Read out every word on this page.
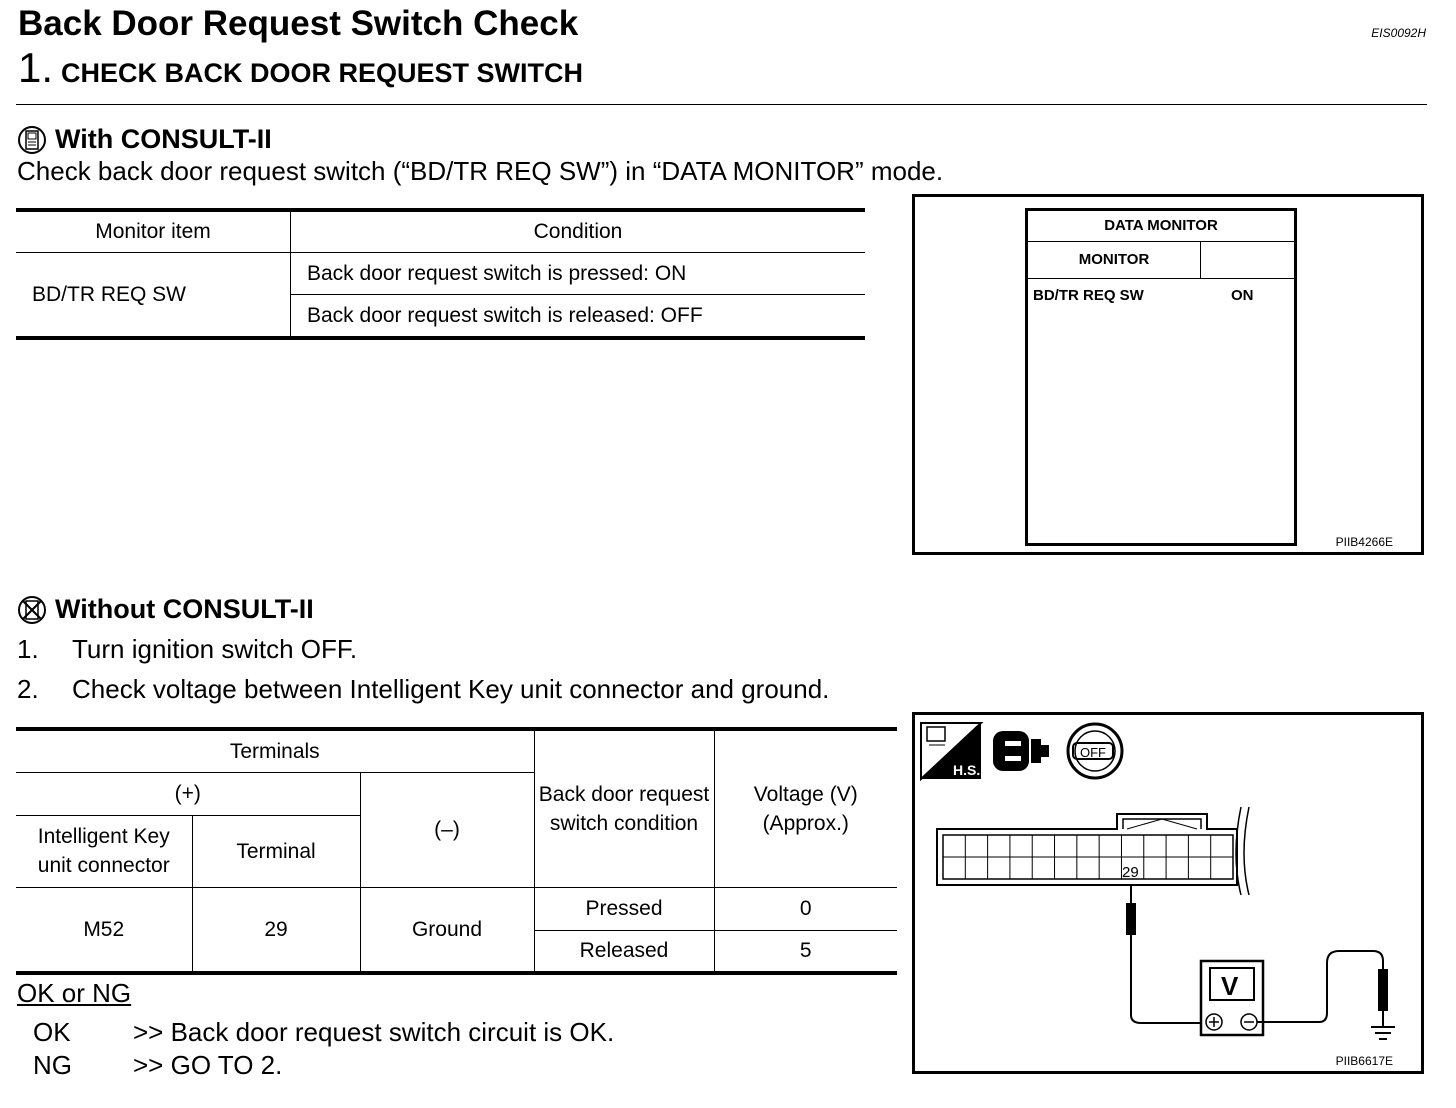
Back Door Request Switch Check	EIS0092H
1. CHECK BACK DOOR REQUEST SWITCH
With CONSULT-II
Check back door request switch (“BD/TR REQ SW”) in “DATA MONITOR” mode.
Monitor item	Condition
BD/TR REQ SW	Back door request switch is pressed: ON
	Back door request switch is released: OFF
DATA MONITOR
MONITOR
BD/TR REQ SW	ON
PIIB4266E
Without CONSULT-II
1. Turn ignition switch OFF.
2. Check voltage between Intelligent Key unit connector and ground.
Terminals			Back door request switch condition	Voltage (V) (Approx.)
(+)		(–)		
Intelligent Key unit connector	Terminal			
M52	29	Ground	Pressed	0
			Released	5
H.S.
OFF
29
V
PIIB6617E
OK or NG
OK >> Back door request switch circuit is OK.
NG >> GO TO 2.
